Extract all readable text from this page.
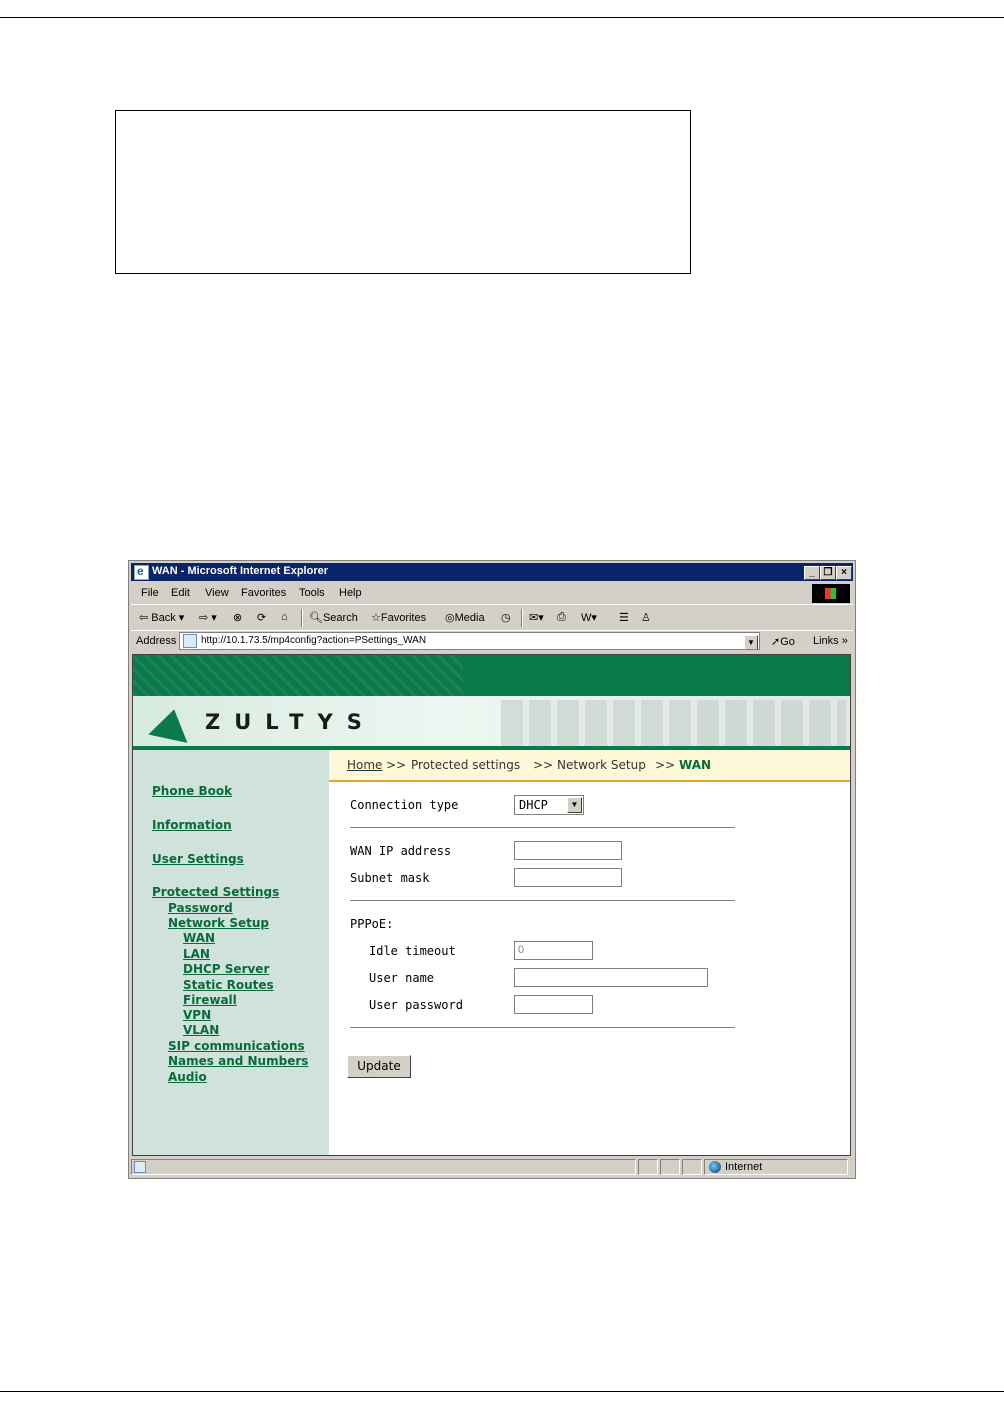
e
WAN - Microsoft Internet Explorer	_ ❐ ×
File Edit View Favorites Tools Help
⇦ Back ▾ ⇨ ▾ ⊗ ⟳ ⌂ 🔍︎Search ☆Favorites ◎Media ◷ ✉▾ ⎙ W▾ ☰ ♙
Address	http://10.1.73.5/mp4config?action=PSettings_WAN	▼ ➚Go Links »
ZULTYS
Phone Book
Information
User Settings
Protected Settings
Password
Network Setup
WAN
LAN
DHCP Server
Static Routes
Firewall
VPN
VLAN
SIP communications
Names and Numbers
Audio
Home >> Protected settings >> Network Setup >> WAN
Connection type	DHCP	▼
WAN IP address
Subnet mask
PPPoE:
Idle timeout	0
User name
User password
Update
Internet
